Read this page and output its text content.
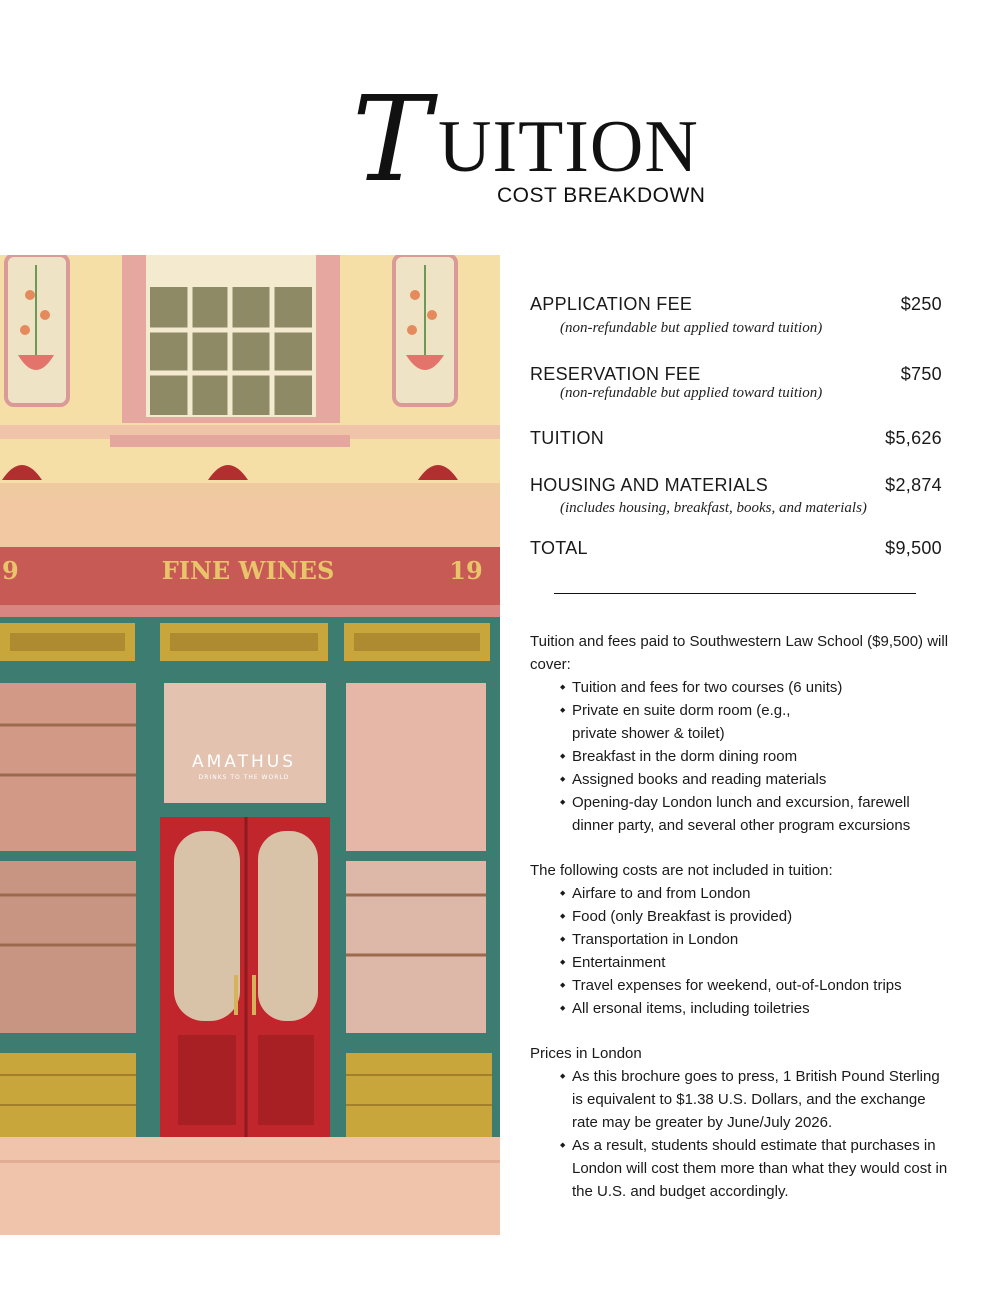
T UITION
COST BREAKDOWN
FINE WINES	19
9
AMATHUS
DRINKS TO THE WORLD
APPLICATION FEE	$250
(non-refundable but applied toward tuition)
RESERVATION FEE	$750
(non-refundable but applied toward tuition)
TUITION	$5,626
HOUSING AND MATERIALS	$2,874
(includes housing, breakfast, books, and materials)
TOTAL	$9,500

Tuition and fees paid to Southwestern Law School ($9,500) will cover:

◆ Tuition and fees for two courses (6 units)
◆ Private en suite dorm room (e.g., private shower & toilet)
◆ Breakfast in the dorm dining room
◆ Assigned books and reading materials
◆ Opening-day London lunch and excursion, farewell dinner party, and several other program excursions

The following costs are not included in tuition:

◆ Airfare to and from London
◆ Food (only Breakfast is provided)
◆ Transportation in London
◆ Entertainment
◆ Travel expenses for weekend, out-of-London trips
◆ All ersonal items, including toiletries

Prices in London

◆ As this brochure goes to press, 1 British Pound Sterling is equivalent to $1.38 U.S. Dollars, and the exchange rate may be greater by June/July 2026.
◆ As a result, students should estimate that purchases in London will cost them more than what they would cost in the U.S. and budget accordingly.
